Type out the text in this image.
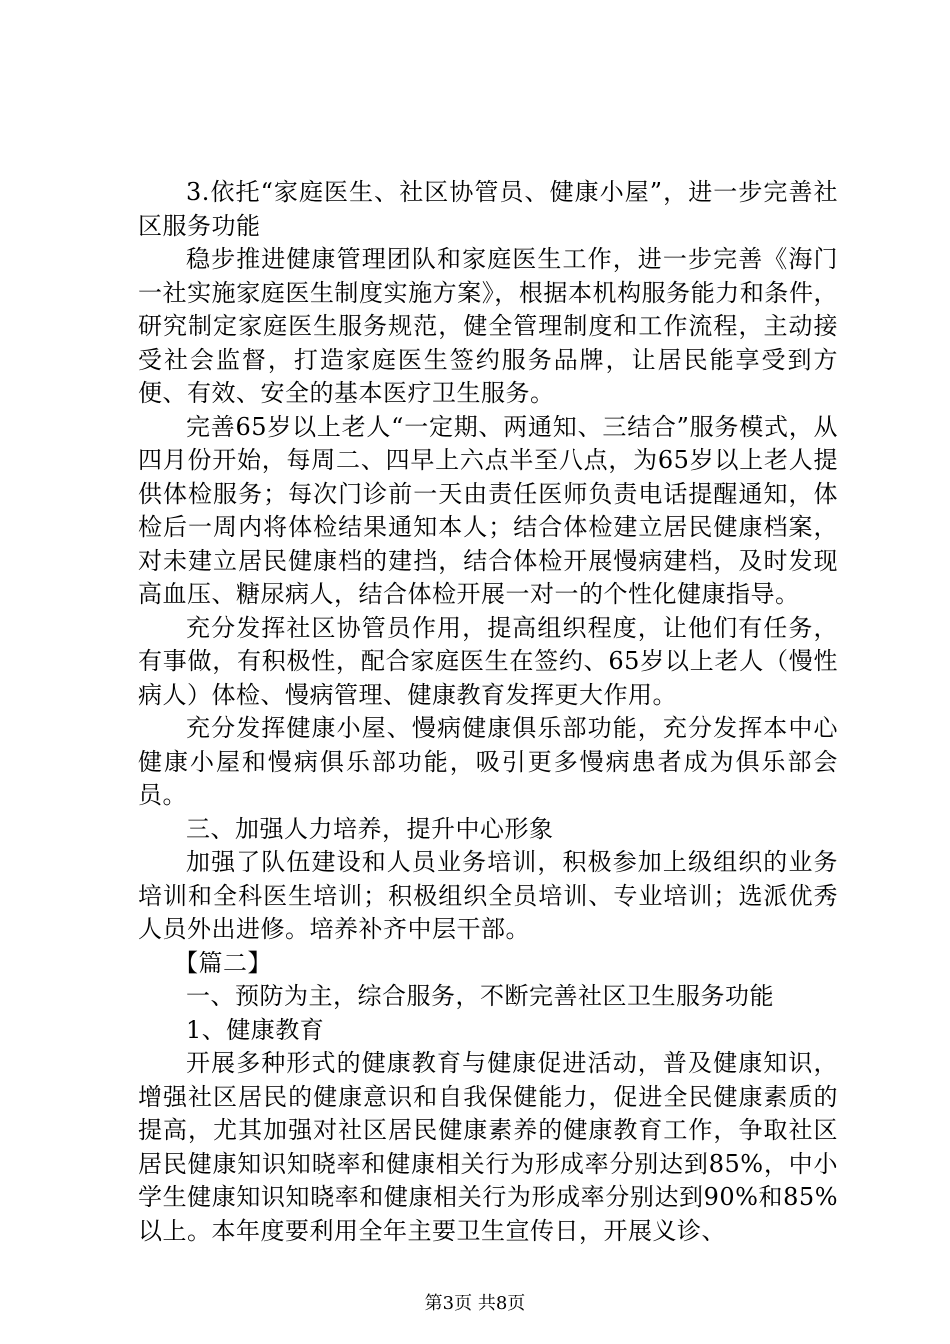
3.依托“家庭医生、社区协管员、健康小屋”，进一步完善社区服务功能

稳步推进健康管理团队和家庭医生工作，进一步完善《海门一社实施家庭医生制度实施方案》，根据本机构服务能力和条件，研究制定家庭医生服务规范，健全管理制度和工作流程，主动接受社会监督，打造家庭医生签约服务品牌，让居民能享受到方便、有效、安全的基本医疗卫生服务。

完善65岁以上老人“一定期、两通知、三结合”服务模式，从四月份开始，每周二、四早上六点半至八点，为65岁以上老人提供体检服务；每次门诊前一天由责任医师负责电话提醒通知，体检后一周内将体检结果通知本人；结合体检建立居民健康档案，对未建立居民健康档的建挡，结合体检开展慢病建档，及时发现高血压、糖尿病人，结合体检开展一对一的个性化健康指导。

充分发挥社区协管员作用，提高组织程度，让他们有任务，有事做，有积极性，配合家庭医生在签约、65岁以上老人（慢性病人）体检、慢病管理、健康教育发挥更大作用。

充分发挥健康小屋、慢病健康俱乐部功能，充分发挥本中心健康小屋和慢病俱乐部功能，吸引更多慢病患者成为俱乐部会员。

三、加强人力培养，提升中心形象

加强了队伍建设和人员业务培训，积极参加上级组织的业务培训和全科医生培训；积极组织全员培训、专业培训；选派优秀人员外出进修。培养补齐中层干部。

【篇二】

一、预防为主，综合服务，不断完善社区卫生服务功能

1、健康教育

开展多种形式的健康教育与健康促进活动，普及健康知识，增强社区居民的健康意识和自我保健能力，促进全民健康素质的提高，尤其加强对社区居民健康素养的健康教育工作，争取社区居民健康知识知晓率和健康相关行为形成率分别达到85%，中小学生健康知识知晓率和健康相关行为形成率分别达到90%和85%以上。本年度要利用全年主要卫生宣传日，开展义诊、

第3页 共8页
